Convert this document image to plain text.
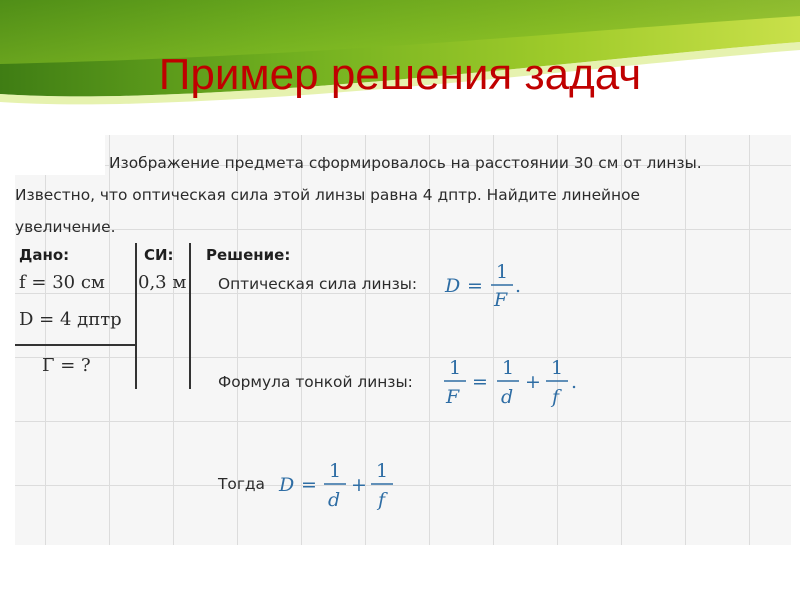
Пример решения задач

Изображение предмета сформировалось на расстоянии 30 см от линзы.
Известно, что оптическая сила этой линзы равна 4 дптр. Найдите линейное
увеличение.

Дано:
f = 30 см
D = 4 дптр
Γ = ?
СИ:
0,3 м
Решение:
Оптическая сила линзы: D =
1
F
.
Формула тонкой линзы:
1
F
=
1
d
+
1
f
.
Тогда D =
1
d
+
1
f
